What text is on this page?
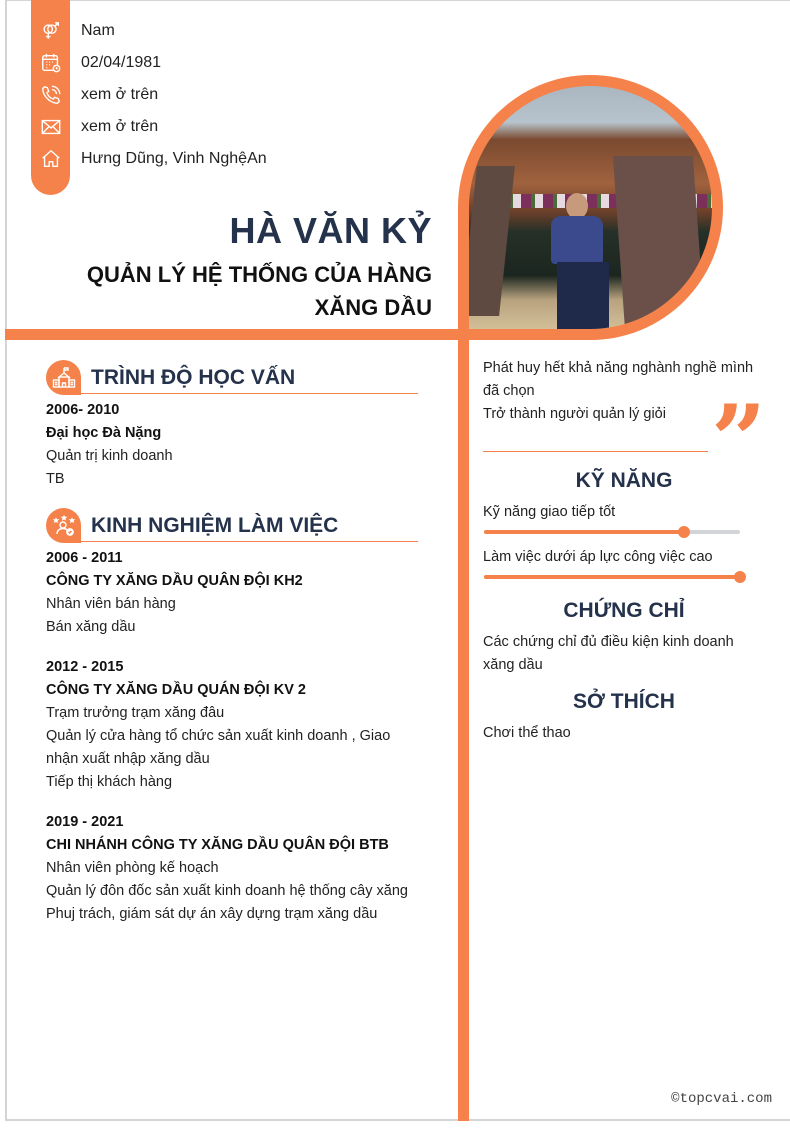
Nam
02/04/1981
xem ở trên
xem ở trên
Hưng Dũng, Vinh NghệAn
HÀ VĂN KỶ
QUẢN LÝ HỆ THỐNG CỦA HÀNG XĂNG DẦU
TRÌNH ĐỘ HỌC VẤN
2006- 2010
Đại học Đà Nặng
Quản trị kinh doanh
TB
KINH NGHIỆM LÀM VIỆC
2006 - 2011
CÔNG TY XĂNG DẦU QUÂN ĐỘI KH2
Nhân viên bán hàng
Bán xăng dầu
2012 - 2015
CÔNG TY XĂNG DẦU QUÁN ĐỘI KV 2
Trạm trưởng trạm xăng đâu
Quản lý cửa hàng tổ chức sản xuất kinh doanh , Giao nhận xuất nhập xăng dầu
Tiếp thị khách hàng
2019 - 2021
CHI NHÁNH CÔNG TY XĂNG DẦU QUÂN ĐỘI BTB
Nhân viên phòng kế hoạch
Quản lý đôn đốc sản xuất kinh doanh hệ thống cây xăng
Phuj trách, giám sát dự án xây dựng trạm xăng dầu
Phát huy hết khả năng nghành nghề mình đã chọn
Trở thành người quản lý giỏi ”
KỸ NĂNG
Kỹ năng giao tiếp tốt
Làm việc dưới áp lực công việc cao
CHỨNG CHỈ
Các chứng chỉ đủ điều kiện kinh doanh xăng dầu
SỞ THÍCH
Chơi thể thao
©topcvai.com
